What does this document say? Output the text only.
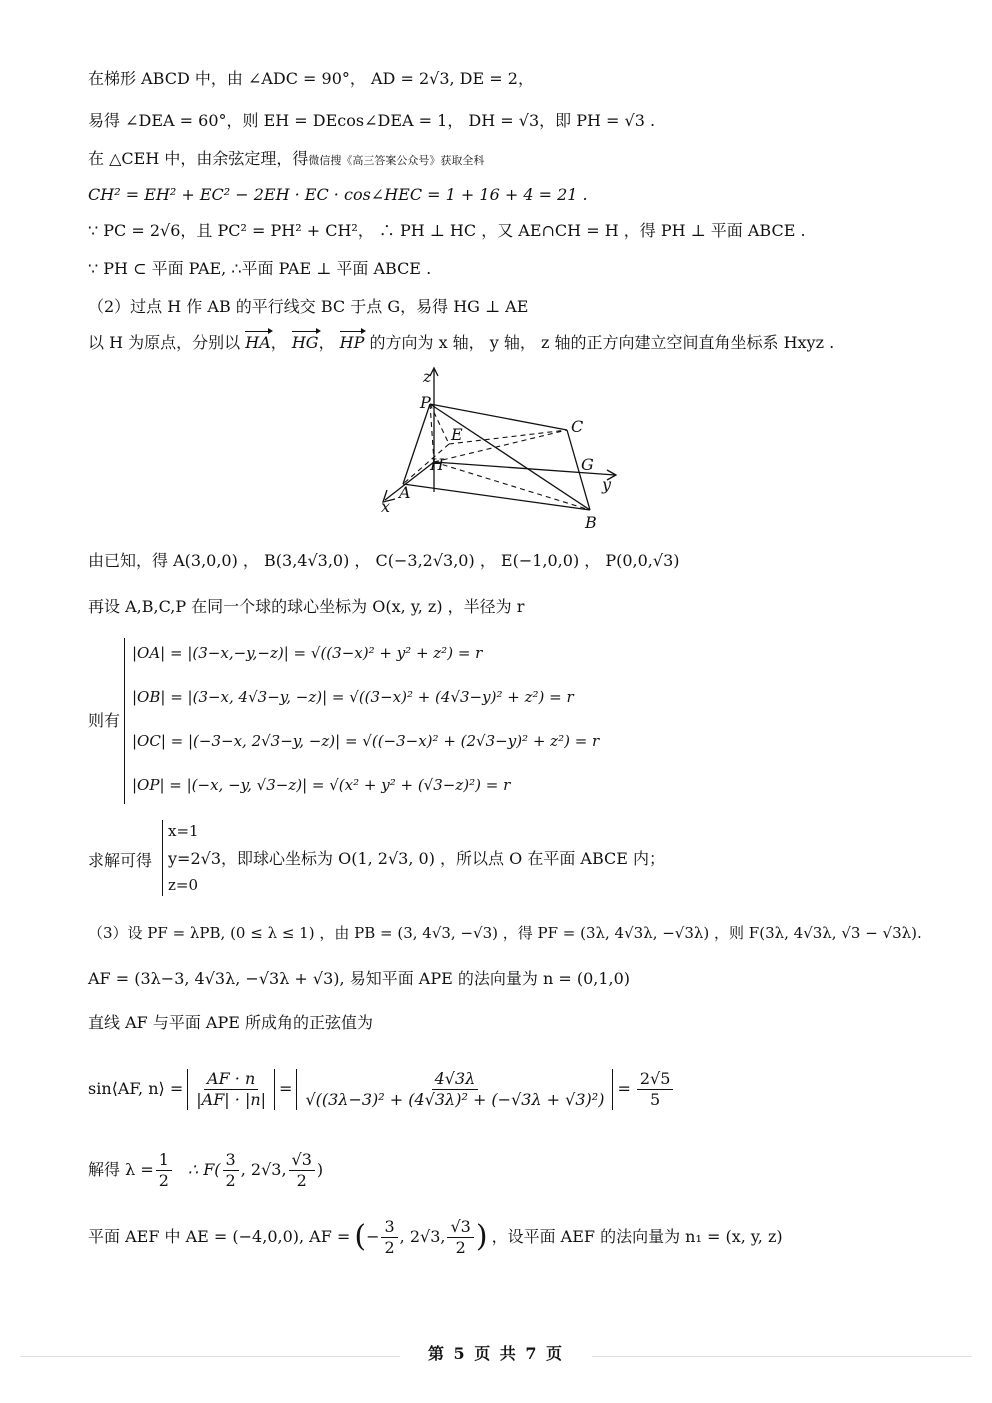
在梯形 ABCD 中，由 ∠ADC = 90°， AD = 2√3, DE = 2，
易得 ∠DEA = 60°，则 EH = DEcos∠DEA = 1， DH = √3，即 PH = √3 .
在 △CEH 中，由余弦定理，得微信搜《高三答案公众号》获取全科
CH² = EH² + EC² − 2EH · EC · cos∠HEC = 1 + 16 + 4 = 21 .
∵ PC = 2√6，且 PC² = PH² + CH²， ∴ PH ⊥ HC ，又 AE∩CH = H ，得 PH ⊥ 平面 ABCE .
∵ PH ⊂ 平面 PAE, ∴平面 PAE ⊥ 平面 ABCE .
（2）过点 H 作 AB 的平行线交 BC 于点 G，易得 HG ⊥ AE
以 H 为原点，分别以 HA， HG， HP 的方向为 x 轴， y 轴， z 轴的正方向建立空间直角坐标系 Hxyz .
z
P
E	C
H	G
y
A
x
B
由已知，得 A(3,0,0) ， B(3,4√3,0) ， C(−3,2√3,0) ， E(−1,0,0) ， P(0,0,√3)
再设 A,B,C,P 在同一个球的球心坐标为 O(x, y, z) ，半径为 r
则有
|OA| = |(3−x,−y,−z)| = √((3−x)² + y² + z²) = r
|OB| = |(3−x, 4√3−y, −z)| = √((3−x)² + (4√3−y)² + z²) = r
|OC| = |(−3−x, 2√3−y, −z)| = √((−3−x)² + (2√3−y)² + z²) = r
|OP| = |(−x, −y, √3−z)| = √(x² + y² + (√3−z)²) = r
求解可得
x=1
y=2√3，即球心坐标为 O(1, 2√3, 0) ，所以点 O 在平面 ABCE 内；
z=0
（3）设 PF = λPB, (0 ≤ λ ≤ 1) ，由 PB = (3, 4√3, −√3) ，得 PF = (3λ, 4√3λ, −√3λ) ，则 F(3λ, 4√3λ, √3 − √3λ).
AF = (3λ−3, 4√3λ, −√3λ + √3), 易知平面 APE 的法向量为 n = (0,1,0)
直线 AF 与平面 APE 所成角的正弦值为
sin⟨AF, n⟩ = $\frac{AF \cdot n}{|AF| \cdot |n|} = \frac{4√3\lambda}{\text{√((3λ−3)² + (4√3λ)² + (−√3λ + √3)²)}} = \frac{2√5}{5}$
解得 $\lambda = \frac{1}{2}$ ∴ $F( \frac{3}{2}$ , 2√3, $\frac{√3}{2}$ )
平面 AEF 中 AE = (−4,0,0), AF = ( − $\frac{3}{2}$ , 2√3, $\frac{√3}{2}$ ) ，设平面 AEF 的法向量为 n₁ = (x, y, z)
第 5 页 共 7 页
